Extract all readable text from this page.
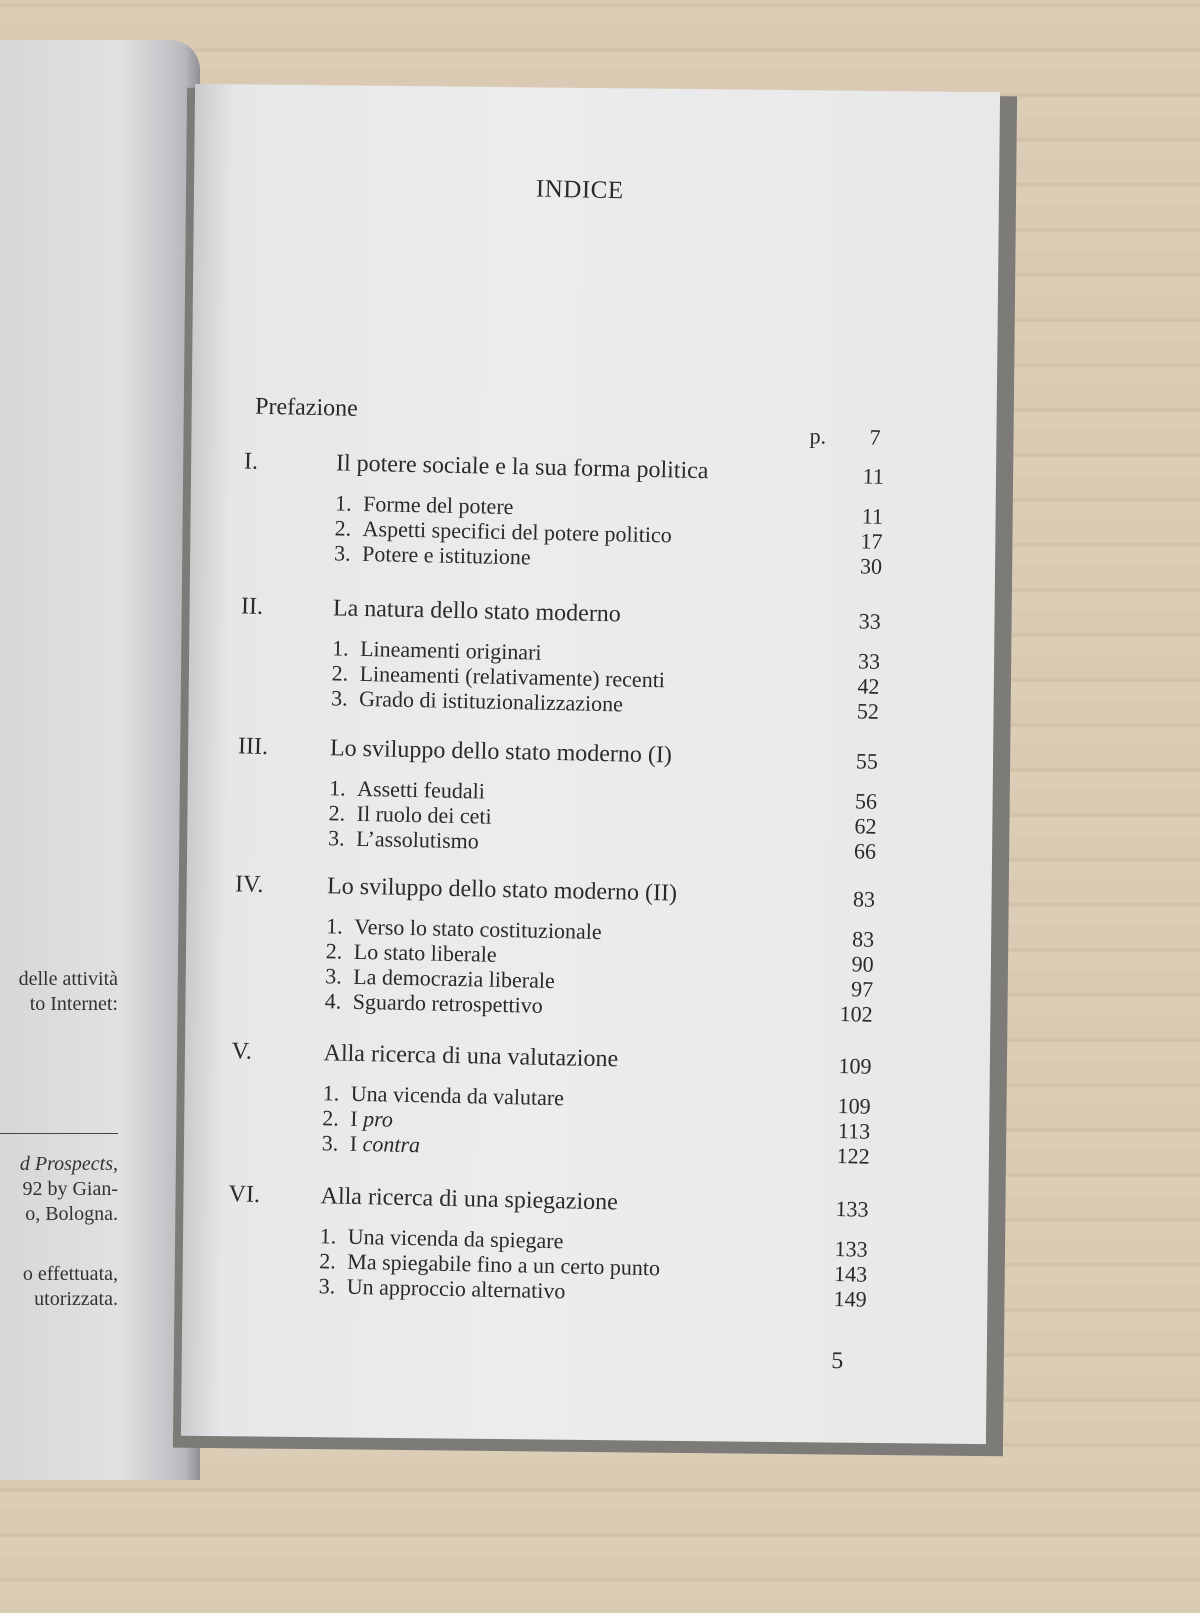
delle attività
to Internet:
d Prospects,
92 by Gian-
o, Bologna.
o effettuata,
utorizzata.
INDICE
Prefazione
p.	7
I.	Il potere sociale e la sua forma politica	11
1. Forme del potere	11
2. Aspetti specifici del potere politico	17
3. Potere e istituzione	30
II.	La natura dello stato moderno	33
1. Lineamenti originari	33
2. Lineamenti (relativamente) recenti	42
3. Grado di istituzionalizzazione	52
III.	Lo sviluppo dello stato moderno (I)	55
1. Assetti feudali	56
2. Il ruolo dei ceti	62
3. L’assolutismo	66
IV.	Lo sviluppo dello stato moderno (II)	83
1. Verso lo stato costituzionale	83
2. Lo stato liberale	90
3. La democrazia liberale	97
4. Sguardo retrospettivo	102
V.	Alla ricerca di una valutazione	109
1. Una vicenda da valutare	109
2. I pro	113
3. I contra	122
VI.	Alla ricerca di una spiegazione	133
1. Una vicenda da spiegare	133
2. Ma spiegabile fino a un certo punto	143
3. Un approccio alternativo	149
5
